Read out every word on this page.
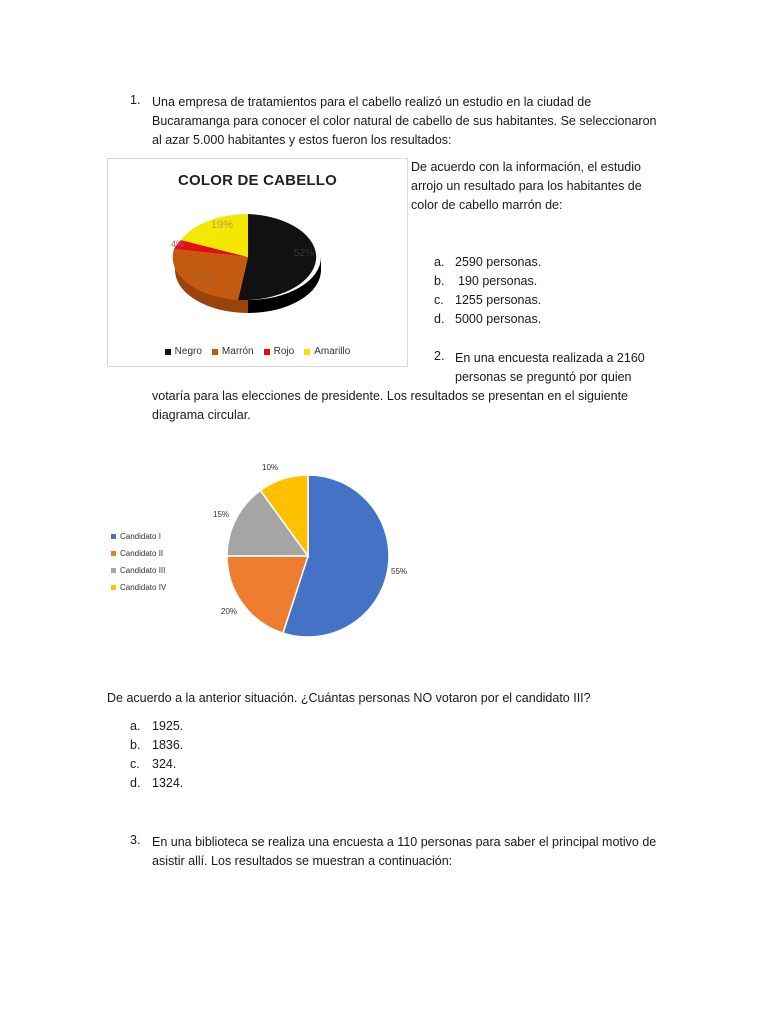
1. Una empresa de tratamientos para el cabello realizó un estudio en la ciudad de
Bucaramanga para conocer el color natural de cabello de sus habitantes. Se seleccionaron
al azar 5.000 habitantes y estos fueron los resultados:
COLOR DE CABELLO
52%
25%
4%
19%
Negro Marrón Rojo Amarillo
De acuerdo con la información, el estudio
arrojo un resultado para los habitantes de
color de cabello marrón de:
a. 2590 personas.
b. 190 personas.
c. 1255 personas.
d. 5000 personas.
2. En una encuesta realizada a 2160
personas se preguntó por quien
votaría para las elecciones de presidente. Los resultados se presentan en el siguiente
diagrama circular.
Candidato I
Candidato II
Candidato III
Candidato IV
55%
20%
15%
10%
De acuerdo a la anterior situación. ¿Cuántas personas NO votaron por el candidato III?
a. 1925.
b. 1836.
c. 324.
d. 1324.
3. En una biblioteca se realiza una encuesta a 110 personas para saber el principal motivo de
asistir allí. Los resultados se muestran a continuación:
